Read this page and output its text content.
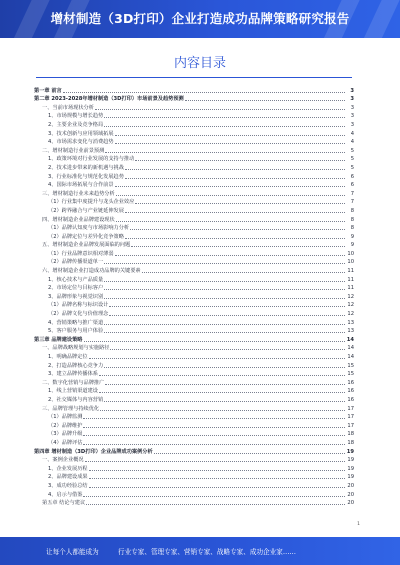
增材制造（3D打印）企业打造成功品牌策略研究报告
内容目录
第一章 前言	3
第二章 2023-2028年增材制造（3D打印）市场前景及趋势预测	3
一、当前市场现状分析	3
1、市场规模与增长趋势	3
2、主要企业及竞争格局	3
3、技术创新与应用领域拓展	4
4、市场需求变化与消费趋势	4
二、增材制造行业前景预测	5
1、政策环境对行业发展的支持与推动	5
2、技术进步带来的新机遇与挑战	5
3、行业标准化与规范化发展趋势	6
4、国际市场拓展与合作前景	6
三、增材制造行业未来趋势分析	7
（1）行业集中度提升与龙头企业效应	7
（2）跨界融合与产业链延伸发展	8
四、增材制造企业品牌建设现状	8
（1）品牌认知度与市场影响力分析	8
（2）品牌定位与差异化竞争策略	9
五、增材制造企业品牌发展面临的问题	9
（1）行业品牌意识相对薄弱	10
（2）品牌传播渠道单一	10
六、增材制造企业打造成功品牌的关键要素	11
1、核心技术与产品质量	11
2、市场定位与目标客户	11
3、品牌形象与视觉识别	12
（1）品牌名称与标识设计	12
（2）品牌文化与价值理念	12
4、营销策略与推广渠道	13
5、客户服务与用户体验	13
第三章 品牌建设策略	14
一、品牌战略规划与实施路径	14
1、明确品牌定位	14
2、打造品牌核心竞争力	15
3、建立品牌传播体系	15
二、数字化营销与品牌推广	16
1、线上营销渠道建设	16
2、社交媒体与内容营销	16
三、品牌管理与持续优化	17
（1）品牌监测	17
（2）品牌维护	17
（3）品牌升级	18
（4）品牌评估	18
第四章 增材制造（3D打印）企业品牌成功案例分析	19
一、案例企业概况	19
1、企业发展历程	19
2、品牌建设成果	19
3、成功经验总结	20
4、启示与借鉴	20
第五章 结论与建议	20
1
让每个人都能成为	行业专家、管理专家、营销专家、战略专家、成功企业家……
